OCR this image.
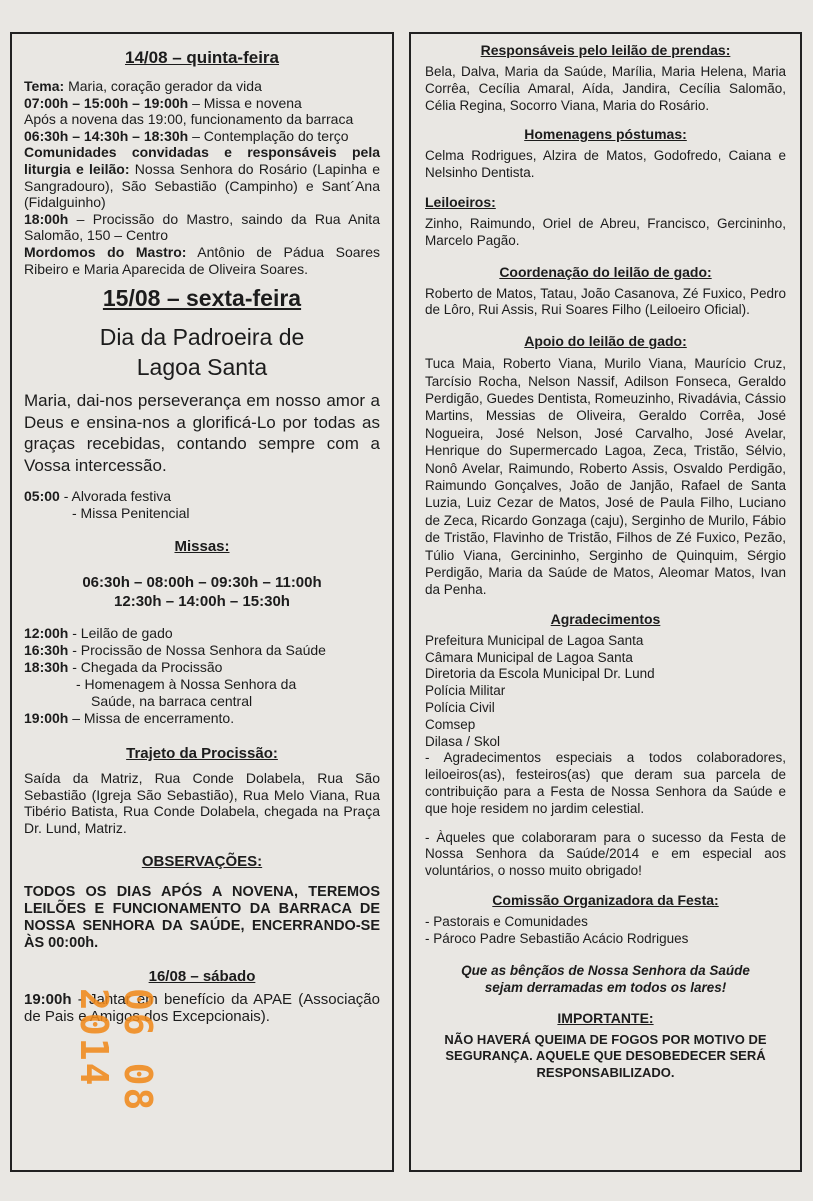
14/08 – quinta-feira

Tema: Maria, coração gerador da vida

07:00h – 15:00h – 19:00h – Missa e novena

Após a novena das 19:00, funcionamento da barraca

06:30h – 14:30h – 18:30h – Contemplação do terço

Comunidades convidadas e responsáveis pela liturgia e leilão: Nossa Senhora do Rosário (Lapinha e Sangradouro), São Sebastião (Campinho) e Sant´Ana (Fidalguinho)

18:00h – Procissão do Mastro, saindo da Rua Anita Salomão, 150 – Centro

Mordomos do Mastro: Antônio de Pádua Soares Ribeiro e Maria Aparecida de Oliveira Soares.

15/08 – sexta-feira

Dia da Padroeira de
Lagoa Santa

Maria, dai-nos perseverança em nosso amor a Deus e ensina-nos a glorificá-Lo por todas as graças recebidas, contando sempre com a Vossa intercessão.

05:00 - Alvorada festiva

- Missa Penitencial

Missas:

06:30h – 08:00h – 09:30h – 11:00h
12:30h – 14:00h – 15:30h

12:00h - Leilão de gado

16:30h - Procissão de Nossa Senhora da Saúde

18:30h - Chegada da Procissão

- Homenagem à Nossa Senhora da

Saúde, na barraca central

19:00h – Missa de encerramento.

Trajeto da Procissão:

Saída da Matriz, Rua Conde Dolabela, Rua São Sebastião (Igreja São Sebastião), Rua Melo Viana, Rua Tibério Batista, Rua Conde Dolabela, chegada na Praça Dr. Lund, Matriz.

OBSERVAÇÕES:

TODOS OS DIAS APÓS A NOVENA, TEREMOS LEILÕES E FUNCIONAMENTO DA BARRACA DE NOSSA SENHORA DA SAÚDE, ENCERRANDO-SE ÀS 00:00h.

16/08 – sábado

19:00h - Jantar em benefício da APAE (Associação de Pais e Amigos dos Excepcionais).

Responsáveis pelo leilão de prendas:

Bela, Dalva, Maria da Saúde, Marília, Maria Helena, Maria Corrêa, Cecília Amaral, Aída, Jandira, Cecília Salomão, Célia Regina, Socorro Viana, Maria do Rosário.

Homenagens póstumas:

Celma Rodrigues, Alzira de Matos, Godofredo, Caiana e Nelsinho Dentista.

Leiloeiros:

Zinho, Raimundo, Oriel de Abreu, Francisco, Gercininho, Marcelo Pagão.

Coordenação do leilão de gado:

Roberto de Matos, Tatau, João Casanova, Zé Fuxico, Pedro de Lôro, Rui Assis, Rui Soares Filho (Leiloeiro Oficial).

Apoio do leilão de gado:

Tuca Maia, Roberto Viana, Murilo Viana, Maurício Cruz, Tarcísio Rocha, Nelson Nassif, Adilson Fonseca, Geraldo Perdigão, Guedes Dentista, Romeuzinho, Rivadávia, Cássio Martins, Messias de Oliveira, Geraldo Corrêa, José Nogueira, José Nelson, José Carvalho, José Avelar, Henrique do Supermercado Lagoa, Zeca, Tristão, Sélvio, Nonô Avelar, Raimundo, Roberto Assis, Osvaldo Perdigão, Raimundo Gonçalves, João de Janjão, Rafael de Santa Luzia, Luiz Cezar de Matos, José de Paula Filho, Luciano de Zeca, Ricardo Gonzaga (caju), Serginho de Murilo, Fábio de Tristão, Flavinho de Tristão, Filhos de Zé Fuxico, Pezão, Túlio Viana, Gercininho, Serginho de Quinquim, Sérgio Perdigão, Maria da Saúde de Matos, Aleomar Matos, Ivan da Penha.

Agradecimentos

Prefeitura Municipal de Lagoa Santa

Câmara Municipal de Lagoa Santa

Diretoria da Escola Municipal Dr. Lund

Polícia Militar

Polícia Civil

Comsep

Dilasa / Skol

- Agradecimentos especiais a todos colaboradores, leiloeiros(as), festeiros(as) que deram sua parcela de contribuição para a Festa de Nossa Senhora da Saúde e que hoje residem no jardim celestial.

- Àqueles que colaboraram para o sucesso da Festa de Nossa Senhora da Saúde/2014 e em especial aos voluntários, o nosso muito obrigado!

Comissão Organizadora da Festa:

- Pastorais e Comunidades

- Pároco Padre Sebastião Acácio Rodrigues

Que as bênçãos de Nossa Senhora da Saúde
sejam derramadas em todos os lares!

IMPORTANTE:

NÃO HAVERÁ QUEIMA DE FOGOS POR MOTIVO DE SEGURANÇA. AQUELE QUE DESOBEDECER SERÁ RESPONSABILIZADO.

06 08 2014
